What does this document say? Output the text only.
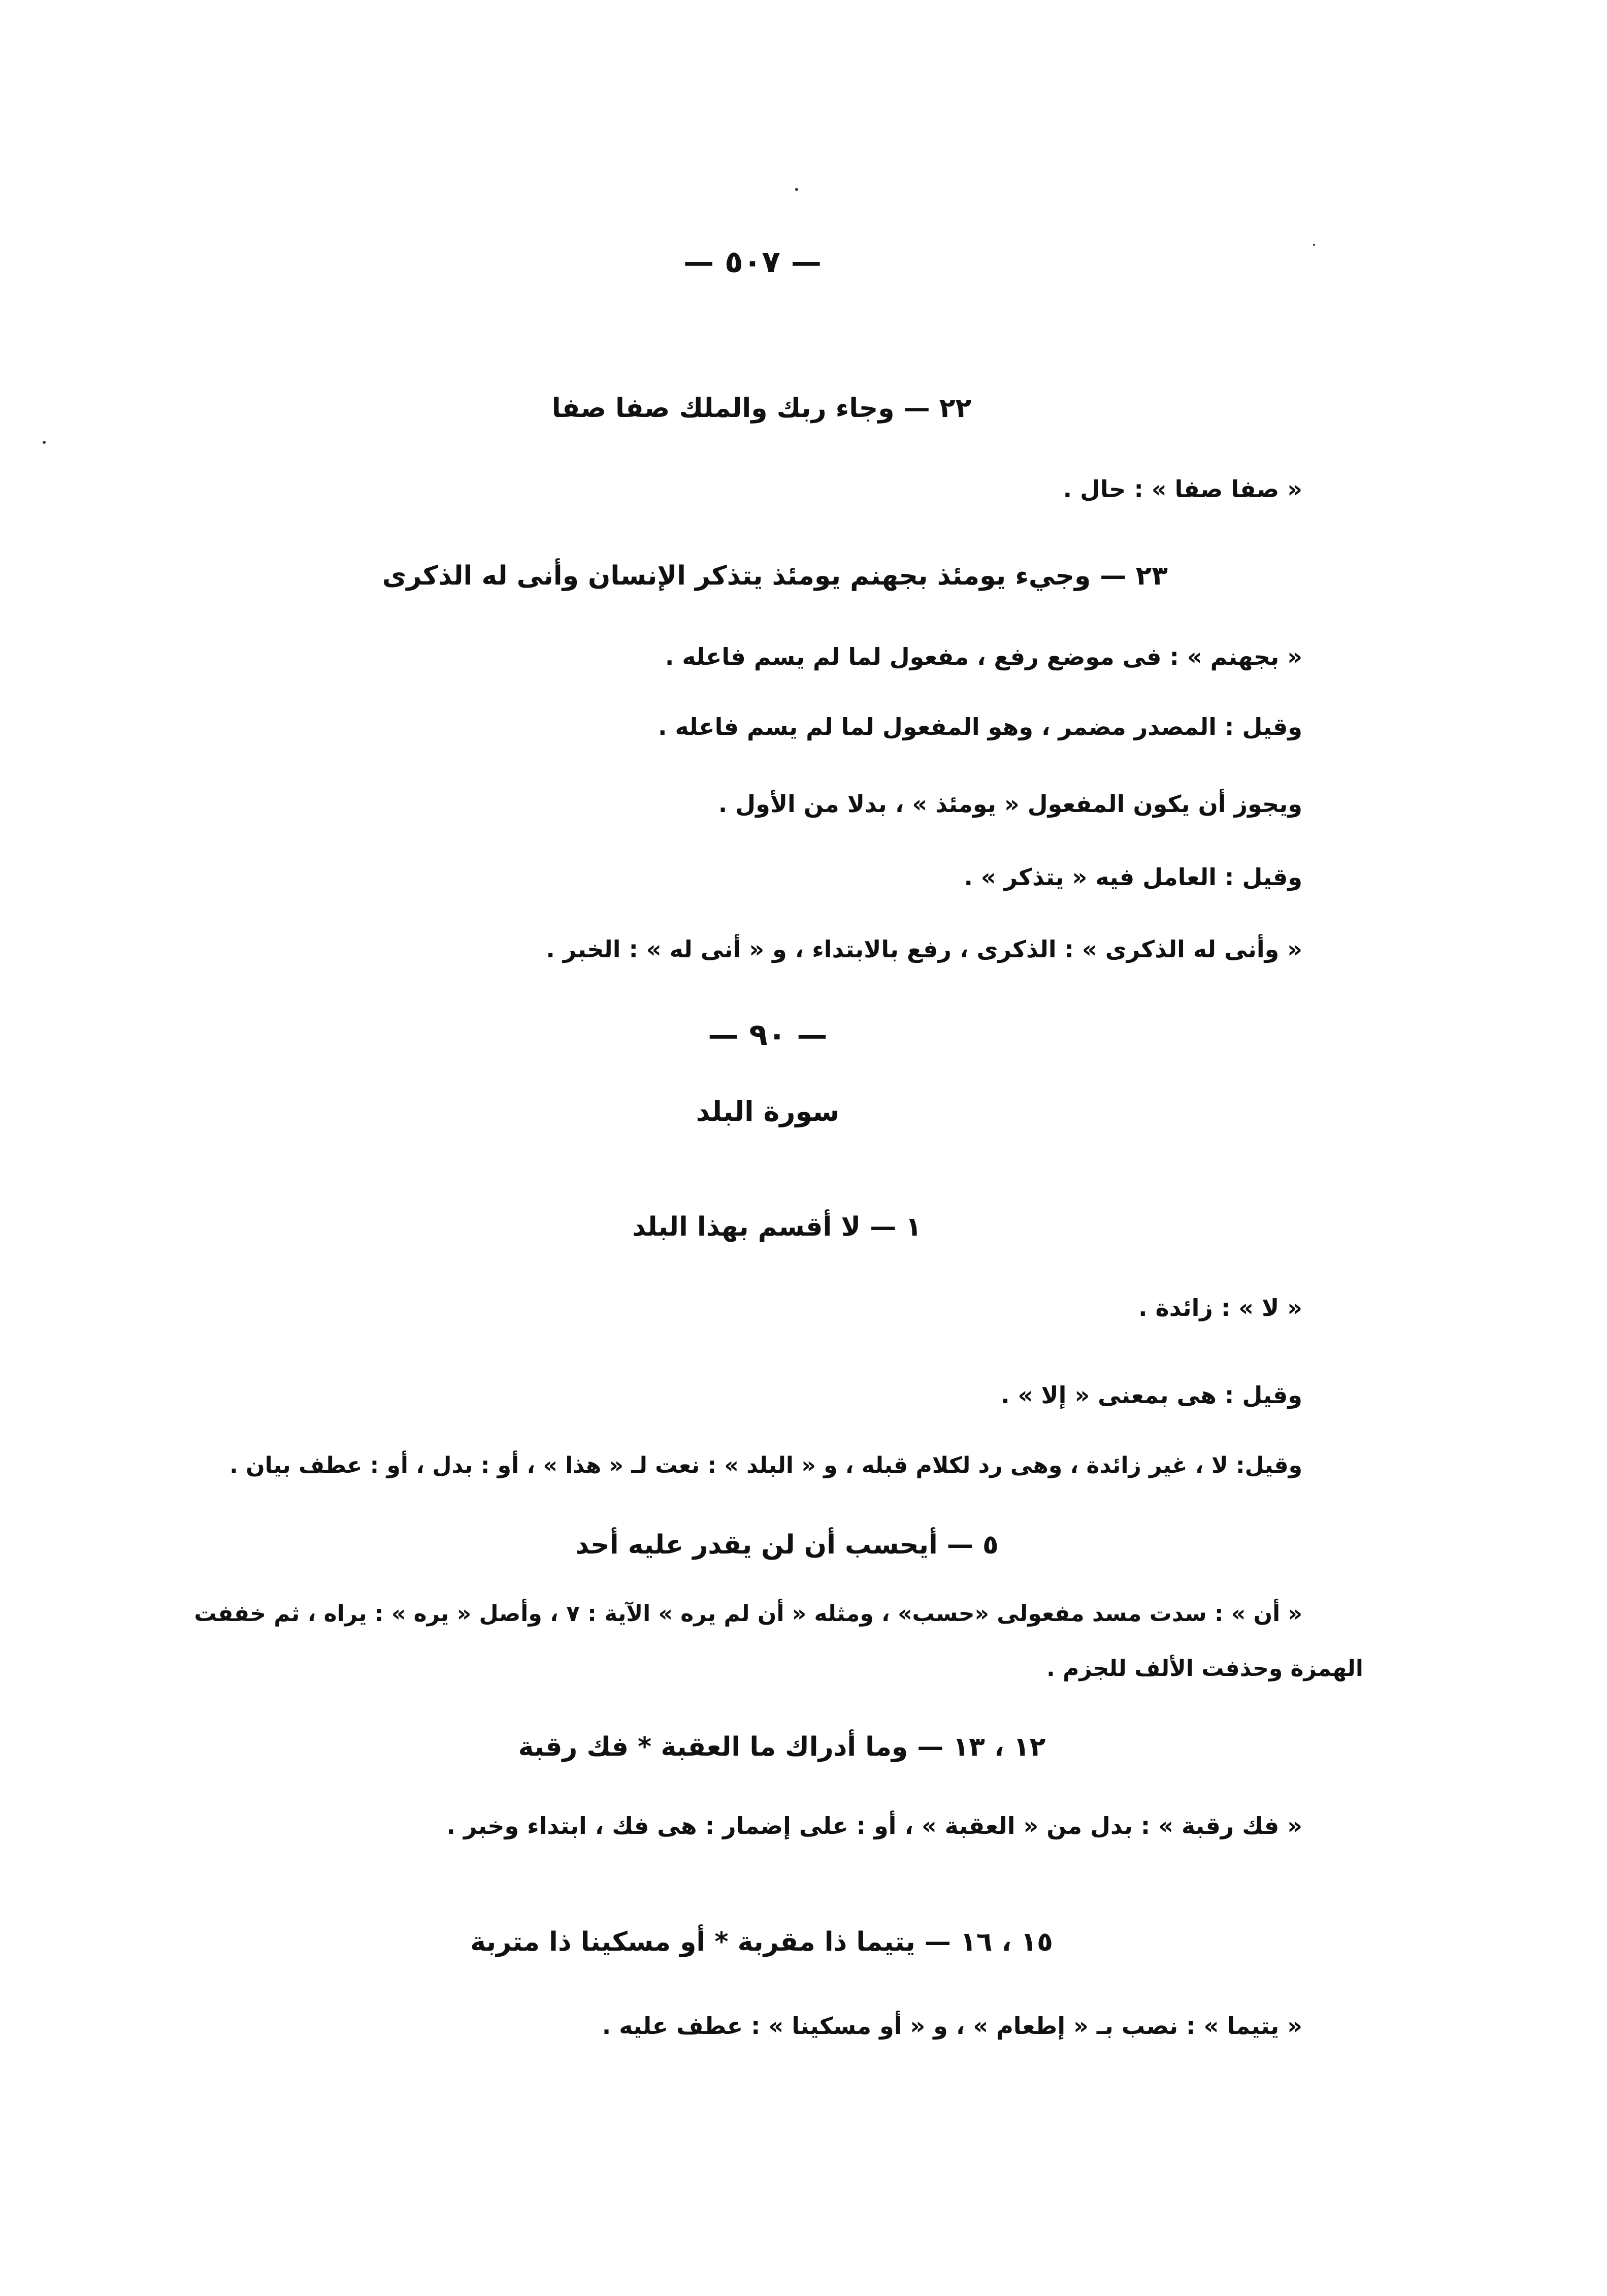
— ٥٠٧ —
٢٢ — وجاء ربك والملك صفا صفا
« صفا صفا » : حال .
٢٣ — وجيء يومئذ بجهنم يومئذ يتذكر الإنسان وأنى له الذكرى
« بجهنم » : فى موضع رفع ، مفعول لما لم يسم فاعله .
وقيل : المصدر مضمر ، وهو المفعول لما لم يسم فاعله .
ويجوز أن يكون المفعول « يومئذ » ، بدلا من الأول .
وقيل : العامل فيه « يتذكر » .
« وأنى له الذكرى » : الذكرى ، رفع بالابتداء ، و « أنى له » : الخبر .
— ٩٠ —
سورة البلد
١ — لا أقسم بهذا البلد
« لا » : زائدة .
وقيل : هى بمعنى « إلا » .
وقيل: لا ، غير زائدة ، وهى رد لكلام قبله ، و « البلد » : نعت لـ « هذا » ، أو : بدل ، أو : عطف بيان .
٥ — أيحسب أن لن يقدر عليه أحد
« أن » : سدت مسد مفعولى «حسب» ، ومثله « أن لم يره » الآية : ٧ ، وأصل « يره » : يراه ، ثم خففت
الهمزة وحذفت الألف للجزم .
١٢ ، ١٣ — وما أدراك ما العقبة * فك رقبة
« فك رقبة » : بدل من « العقبة » ، أو : على إضمار : هى فك ، ابتداء وخبر .
١٥ ، ١٦ — يتيما ذا مقربة * أو مسكينا ذا متربة
« يتيما » : نصب بـ « إطعام » ، و « أو مسكينا » : عطف عليه .
